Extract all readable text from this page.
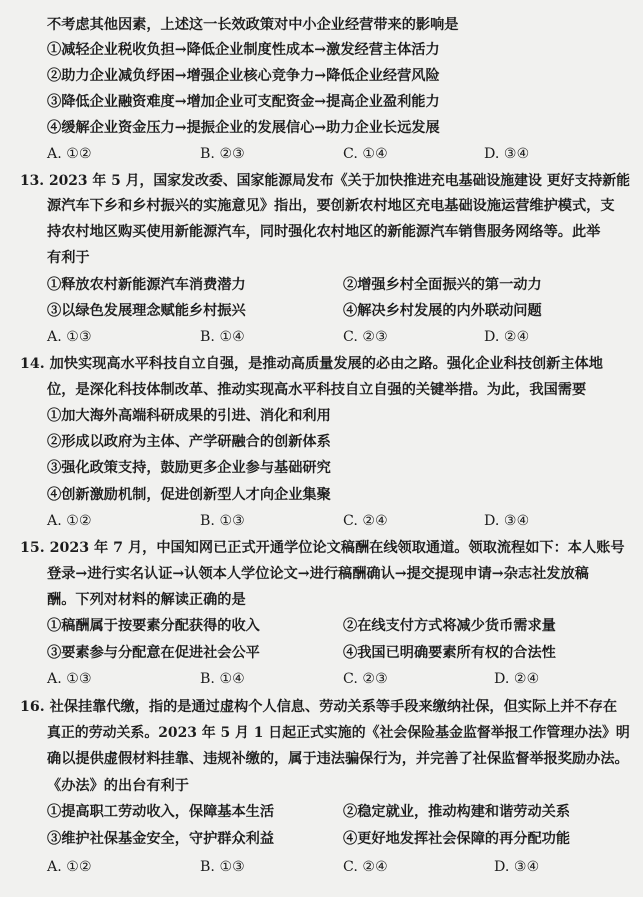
不考虑其他因素，上述这一长效政策对中小企业经营带来的影响是
①减轻企业税收负担→降低企业制度性成本→激发经营主体活力
②助力企业减负纾困→增强企业核心竞争力→降低企业经营风险
③降低企业融资难度→增加企业可支配资金→提高企业盈利能力
④缓解企业资金压力→提振企业的发展信心→助力企业长远发展
A. ①②	B. ②③	C. ①④	D. ③④
13. 2023 年 5 月，国家发改委、国家能源局发布《关于加快推进充电基础设施建设 更好支持新能
源汽车下乡和乡村振兴的实施意见》指出，要创新农村地区充电基础设施运营维护模式，支
持农村地区购买使用新能源汽车，同时强化农村地区的新能源汽车销售服务网络等。此举
有利于
①释放农村新能源汽车消费潜力	②增强乡村全面振兴的第一动力
③以绿色发展理念赋能乡村振兴	④解决乡村发展的内外联动问题
A. ①③	B. ①④	C. ②③	D. ②④
14. 加快实现高水平科技自立自强，是推动高质量发展的必由之路。强化企业科技创新主体地
位，是深化科技体制改革、推动实现高水平科技自立自强的关键举措。为此，我国需要
①加大海外高端科研成果的引进、消化和利用
②形成以政府为主体、产学研融合的创新体系
③强化政策支持，鼓励更多企业参与基础研究
④创新激励机制，促进创新型人才向企业集聚
A. ①②	B. ①③	C. ②④	D. ③④
15. 2023 年 7 月，中国知网已正式开通学位论文稿酬在线领取通道。领取流程如下：本人账号
登录→进行实名认证→认领本人学位论文→进行稿酬确认→提交提现申请→杂志社发放稿
酬。下列对材料的解读正确的是
①稿酬属于按要素分配获得的收入	②在线支付方式将减少货币需求量
③要素参与分配意在促进社会公平	④我国已明确要素所有权的合法性
A. ①③	B. ①④	C. ②③	D. ②④
16. 社保挂靠代缴，指的是通过虚构个人信息、劳动关系等手段来缴纳社保，但实际上并不存在
真正的劳动关系。2023 年 5 月 1 日起正式实施的《社会保险基金监督举报工作管理办法》明
确以提供虚假材料挂靠、违规补缴的，属于违法骗保行为，并完善了社保监督举报奖励办法。
《办法》的出台有利于
①提高职工劳动收入，保障基本生活	②稳定就业，推动构建和谐劳动关系
③维护社保基金安全，守护群众利益	④更好地发挥社会保障的再分配功能
A. ①②	B. ①③	C. ②④	D. ③④
